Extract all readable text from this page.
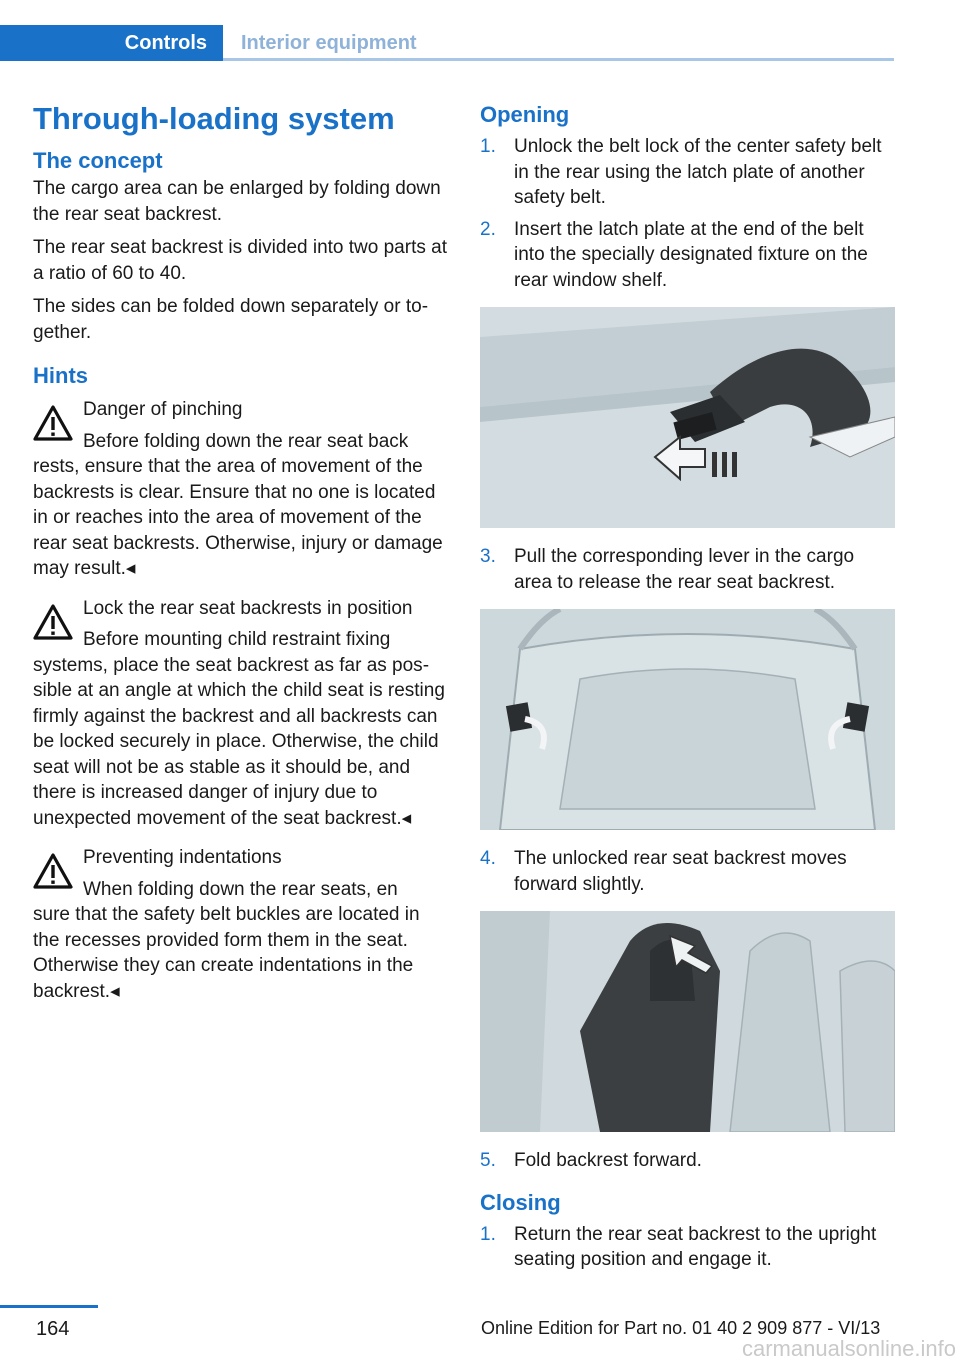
Controls	Interior equipment
Through-loading system
The concept

The cargo area can be enlarged by folding down the rear seat backrest.

The rear seat backrest is divided into two parts at a ratio of 60 to 40.

The sides can be folded down separately or together.

Hints
Danger of pinching
Before folding down the rear seat back
rests, ensure that the area of movement of the backrests is clear. Ensure that no one is located in or reaches into the area of movement of the rear seat backrests. Otherwise, injury or damage may result.◂
Lock the rear seat backrests in position
Before mounting child restraint fixing
systems, place the seat backrest as far as possible at an angle at which the child seat is resting firmly against the backrest and all backrests can be locked securely in place. Otherwise, the child seat will not be as stable as it should be, and there is increased danger of injury due to unexpected movement of the seat backrest.◂
Preventing indentations
When folding down the rear seats, en
sure that the safety belt buckles are located in the recesses provided form them in the seat. Otherwise they can create indentations in the backrest.◂
Opening
1. Unlock the belt lock of the center safety belt in the rear using the latch plate of another safety belt.
2. Insert the latch plate at the end of the belt into the specially designated fixture on the rear window shelf.
3. Pull the corresponding lever in the cargo area to release the rear seat backrest.
4. The unlocked rear seat backrest moves forward slightly.
5. Fold backrest forward.
Closing
1. Return the rear seat backrest to the upright seating position and engage it.
164	Online Edition for Part no. 01 40 2 909 877 - VI/13
carmanualsonline.info
